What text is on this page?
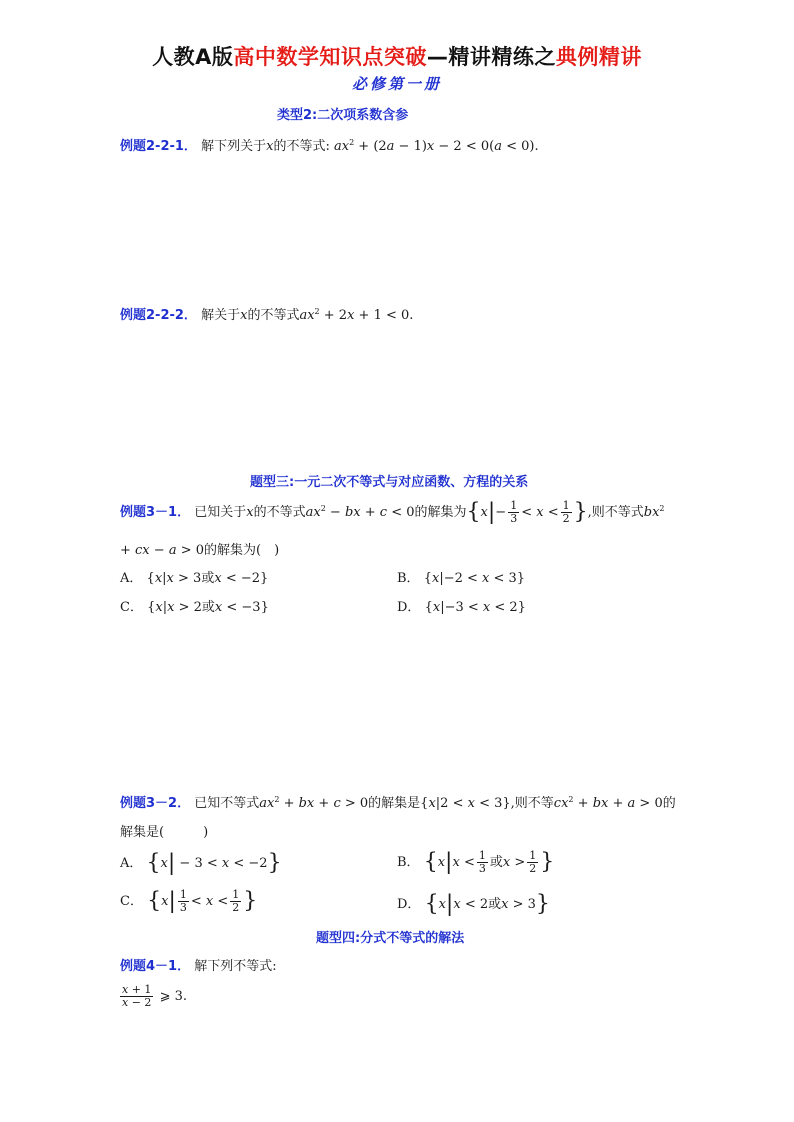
人教A版高中数学知识点突破—精讲精练之典例精讲
必修第一册
类型2:二次项系数含参
例题2-2-1． 解下列关于x的不等式: $ax^2 + (2a - 1)x - 2 < 0(a < 0)$.
例题2-2-2． 解关于x的不等式$ax^2 + 2x + 1 < 0$.
题型三:一元二次不等式与对应函数、方程的关系
例题3－1． 已知关于x的不等式$ax^2$ − bx + c < 0的解集为{$x|- \frac{1}{3} < x < \frac{1}{2}$ },则不等式$bx^2$
+ cx − a > 0的解集为(　)
A． {x|x > 3或x < −2}	B． {x|−2 < x < 3}
C． {x|x > 2或x < −3}	D． {x|−3 < x < 2}
例题3－2． 已知不等式$ax^2$ + bx + c > 0的解集是{x|2 < x < 3},则不等$cx^2$ + bx + a > 0的
解集是(　　　)
A． {x| − 3 < x < −2}	B． {$x|x < \frac{1}{3}$ 或$x > \frac{1}{2}$ }
C． {$x| \frac{1}{3} < x < \frac{1}{2}$ }	D． {x|x < 2或x > 3}
题型四:分式不等式的解法
例题4－1． 解下列不等式:
$\frac{x + 1}{x - 2}$ ⩾ 3.
